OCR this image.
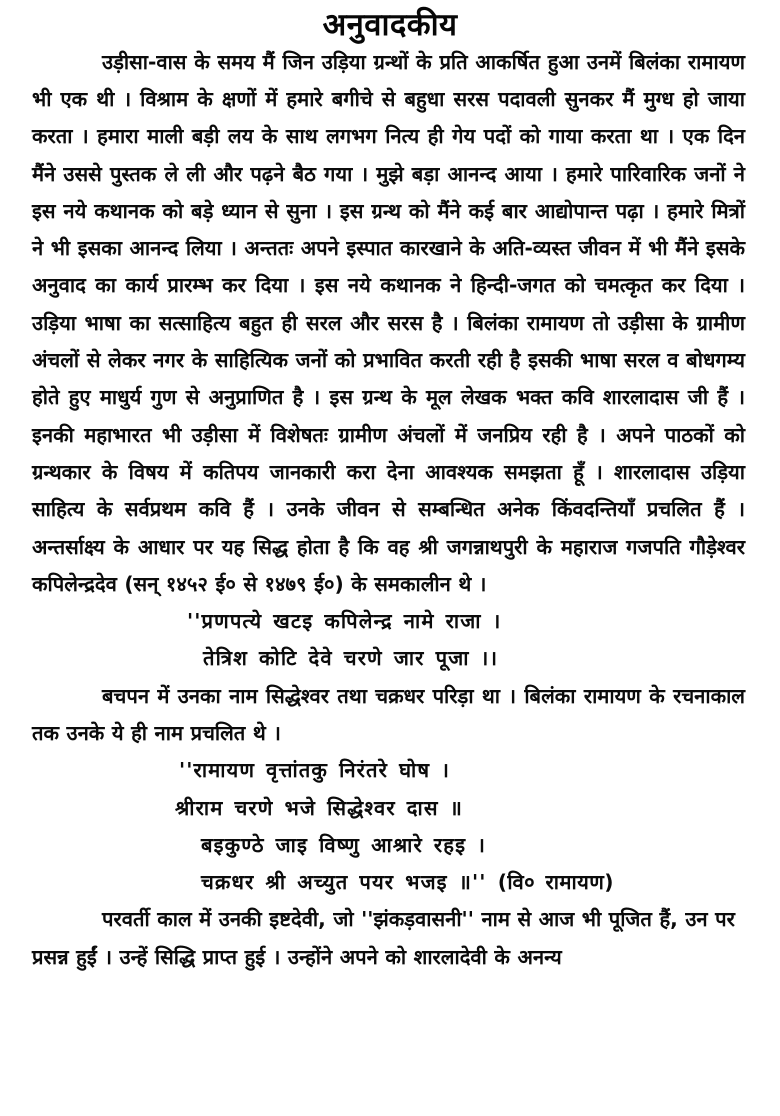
अनुवादकीय

उड़ीसा-वास के समय मैं जिन उड़िया ग्रन्थों के प्रति आकर्षित हुआ उनमें बिलंका रामायण भी एक थी । विश्राम के क्षणों में हमारे बगीचे से बहुधा सरस पदावली सुनकर मैं मुग्ध हो जाया करता । हमारा माली बड़ी लय के साथ लगभग नित्य ही गेय पदों को गाया करता था । एक दिन मैंने उससे पुस्तक ले ली और पढ़ने बैठ गया । मुझे बड़ा आनन्द आया । हमारे पारिवारिक जनों ने इस नये कथानक को बड़े ध्यान से सुना । इस ग्रन्थ को मैंने कई बार आद्योपान्त पढ़ा । हमारे मित्रों ने भी इसका आनन्द लिया । अन्ततः अपने इस्पात कारखाने के अति-व्यस्त जीवन में भी मैंने इसके अनुवाद का कार्य प्रारम्भ कर दिया । इस नये कथानक ने हिन्दी-जगत को चमत्कृत कर दिया । उड़िया भाषा का सत्साहित्य बहुत ही सरल और सरस है । बिलंका रामायण तो उड़ीसा के ग्रामीण अंचलों से लेकर नगर के साहित्यिक जनों को प्रभावित करती रही है इसकी भाषा सरल व बोधगम्य होते हुए माधुर्य गुण से अनुप्राणित है । इस ग्रन्थ के मूल लेखक भक्त कवि शारलादास जी हैं । इनकी महाभारत भी उड़ीसा में विशेषतः ग्रामीण अंचलों में जनप्रिय रही है । अपने पाठकों को ग्रन्थकार के विषय में कतिपय जानकारी करा देना आवश्यक समझता हूँ । शारलादास उड़िया साहित्य के सर्वप्रथम कवि हैं । उनके जीवन से सम्बन्धित अनेक किंवदन्तियाँ प्रचलित हैं । अन्तर्साक्ष्य के आधार पर यह सिद्ध होता है कि वह श्री जगन्नाथपुरी के महाराज गजपति गौड़ेश्वर कपिलेन्द्रदेव (सन् १४५२ ई० से १४७९ ई०) के समकालीन थे ।

''प्रणपत्ये खटइ कपिलेन्द्र नामे राजा ।
तेत्रिश कोटि देवे चरणे जार पूजा ।।

बचपन में उनका नाम सिद्धेश्वर तथा चक्रधर परिड़ा था । बिलंका रामायण के रचनाकाल तक उनके ये ही नाम प्रचलित थे ।

''रामायण वृत्तांतकु निरंतरे घोष ।
श्रीराम चरणे भजे सिद्धेश्वर दास ॥
बइकुण्ठे जाइ विष्णु आश्रारे रहइ ।
चक्रधर श्री अच्युत पयर भजइ ॥'' (वि० रामायण)

परवर्ती काल में उनकी इष्टदेवी, जो ''झंकड़वासनी'' नाम से आज भी पूजित हैं, उन पर प्रसन्न हुईं । उन्हें सिद्धि प्राप्त हुई । उन्होंने अपने को शारलादेवी के अनन्य
